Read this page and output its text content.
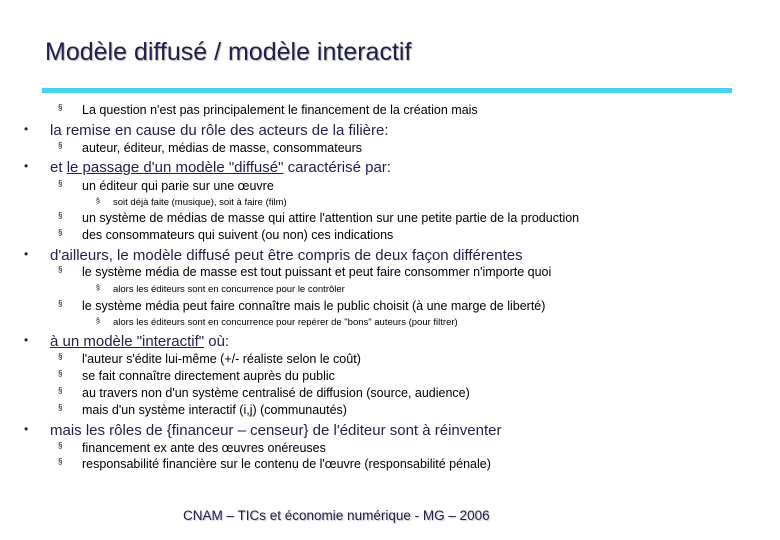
Modèle diffusé / modèle interactif
§ La question n'est pas principalement le financement de la création mais
• la remise en cause du rôle des acteurs de la filière:
§ auteur, éditeur, médias de masse, consommateurs
• et le passage d'un modèle "diffusé" caractérisé par:
§ un éditeur qui parie sur une œuvre
§ soit déjà faite (musique), soit à faire (film)
§ un système de médias de masse qui attire l'attention sur une petite partie de la production
§ des consommateurs qui suivent (ou non) ces indications
• d'ailleurs, le modèle diffusé peut être compris de deux façon différentes
§ le système média de masse est tout puissant et peut faire consommer n'importe quoi
§ alors les éditeurs sont en concurrence pour le contrôler
§ le système média peut faire connaître mais le public choisit (à une marge de liberté)
§ alors les éditeurs sont en concurrence pour repérer de "bons" auteurs (pour filtrer)
• à un modèle "interactif" où:
§ l'auteur s'édite lui-même (+/- réaliste selon le coût)
§ se fait connaître directement auprès du public
§ au travers non d'un système centralisé de diffusion (source, audience)
§ mais d'un système interactif (i,j) (communautés)
• mais les rôles de {financeur – censeur} de l'éditeur sont à réinventer
§ financement ex ante des œuvres onéreuses
§ responsabilité financière sur le contenu de l'œuvre (responsabilité pénale)
CNAM – TICs et économie numérique - MG – 2006
